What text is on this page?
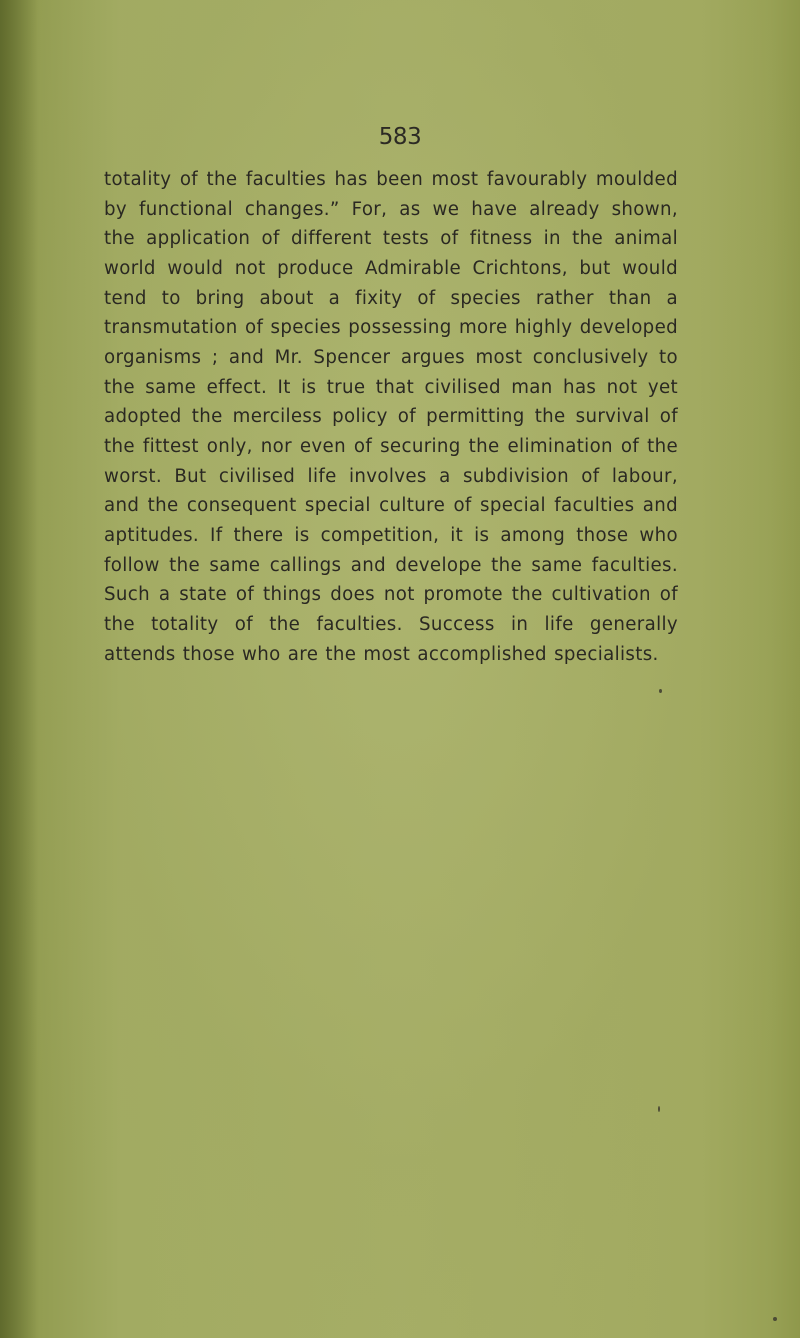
583
totality of the faculties has been most favourably moulded
by functional changes.” For, as we have already shown,
the application of different tests of fitness in the animal
world would not produce Admirable Crichtons, but would
tend to bring about a fixity of species rather than a
transmutation of species possessing more highly developed
organisms ; and Mr. Spencer argues most conclusively to
the same effect. It is true that civilised man has not yet
adopted the merciless policy of permitting the survival of
the fittest only, nor even of securing the elimination of the
worst. But civilised life involves a subdivision of labour,
and the consequent special culture of special faculties and
aptitudes. If there is competition, it is among those who
follow the same callings and develope the same faculties.
Such a state of things does not promote the cultivation of
the totality of the faculties. Success in life generally
attends those who are the most accomplished specialists.
